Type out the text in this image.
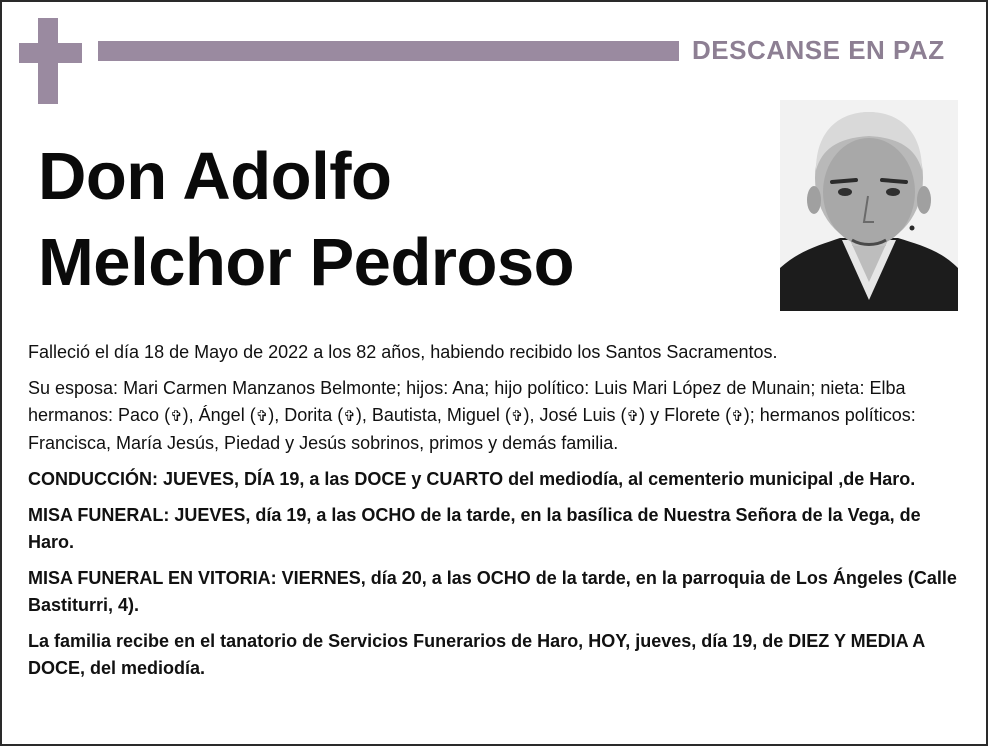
DESCANSE EN PAZ
Don Adolfo
Melchor Pedroso

Falleció el día 18 de Mayo de 2022 a los 82 años, habiendo recibido los Santos Sacramentos.

Su esposa: Mari Carmen Manzanos Belmonte; hijos: Ana; hijo político: Luis Mari López de Munain; nieta: Elba hermanos: Paco (✞), Ángel (✞), Dorita (✞), Bautista, Miguel (✞), José Luis (✞) y Florete (✞); hermanos políticos: Francisca, María Jesús, Piedad y Jesús sobrinos, primos y demás familia.

CONDUCCIÓN: JUEVES, DÍA 19, a las DOCE y CUARTO del mediodía, al cementerio municipal ,de Haro.

MISA FUNERAL: JUEVES, día 19, a las OCHO de la tarde, en la basílica de Nuestra Señora de la Vega, de Haro.

MISA FUNERAL EN VITORIA: VIERNES, día 20, a las OCHO de la tarde, en la parroquia de Los Ángeles (Calle Bastiturri, 4).

La familia recibe en el tanatorio de Servicios Funerarios de Haro, HOY, jueves, día 19, de DIEZ Y MEDIA A DOCE, del mediodía.
